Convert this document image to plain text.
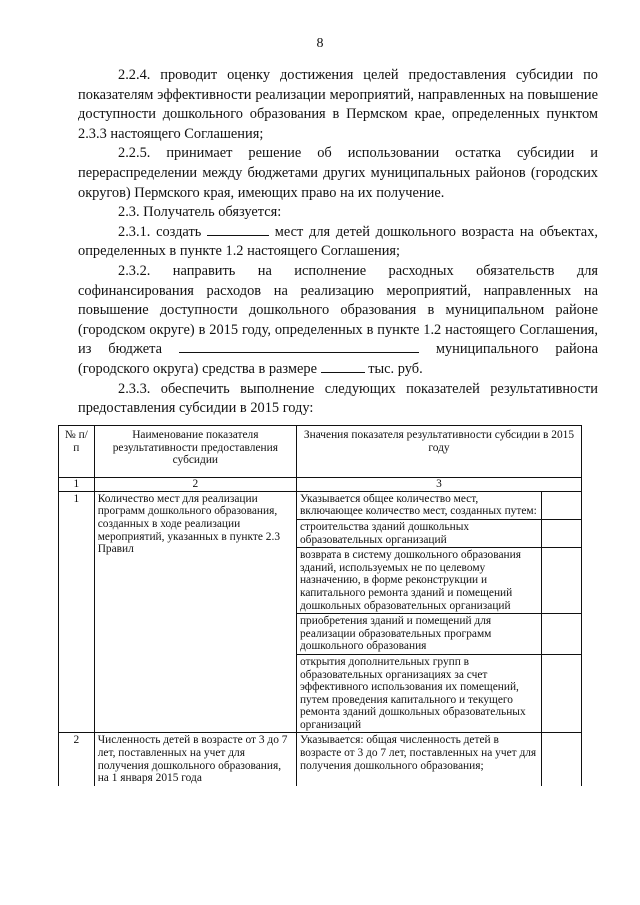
8

2.2.4. проводит оценку достижения целей предоставления субсидии по показателям эффективности реализации мероприятий, направленных на повышение доступности дошкольного образования в Пермском крае, определенных пунктом 2.3.3 настоящего Соглашения;

2.2.5. принимает решение об использовании остатка субсидии и перераспределении между бюджетами других муниципальных районов (городских округов) Пермского края, имеющих право на их получение.

2.3. Получатель обязуется:

2.3.1. создать	мест для детей дошкольного возраста на объектах, определенных в пункте 1.2 настоящего Соглашения;

2.3.2. направить на исполнение расходных обязательств для софинансирования расходов на реализацию мероприятий, направленных на повышение доступности дошкольного образования в муниципальном районе (городском округе) в 2015 году, определенных в пункте 1.2 настоящего Соглашения, из бюджета	муниципального района (городского округа) средства в размере	тыс. руб.

2.3.3. обеспечить выполнение следующих показателей результативности предоставления субсидии в 2015 году:

№ п/п	Наименование показателя результативности предоставления субсидии	Значения показателя результативности субсидии в 2015 году	
1	2	3	
1	Количество мест для реализации программ дошкольного образования, созданных в ходе реализации мероприятий, указанных в пункте 2.3 Правил	Указывается общее количество мест, включающее количество мест, созданных путем:	
		строительства зданий дошкольных образовательных организаций	
		возврата в систему дошкольного образования зданий, используемых не по целевому назначению, в форме реконструкции и капитального ремонта зданий и помещений дошкольных образовательных организаций	
		приобретения зданий и помещений для реализации образовательных программ дошкольного образования	
		открытия дополнительных групп в образовательных организациях за счет эффективного использования их помещений, путем проведения капитального и текущего ремонта зданий дошкольных образовательных организаций	
2	Численность детей в возрасте от 3 до 7 лет, поставленных на учет для получения дошкольного образования, на 1 января 2015 года	Указывается: общая численность детей в возрасте от 3 до 7 лет, поставленных на учет для получения дошкольного образования;	
